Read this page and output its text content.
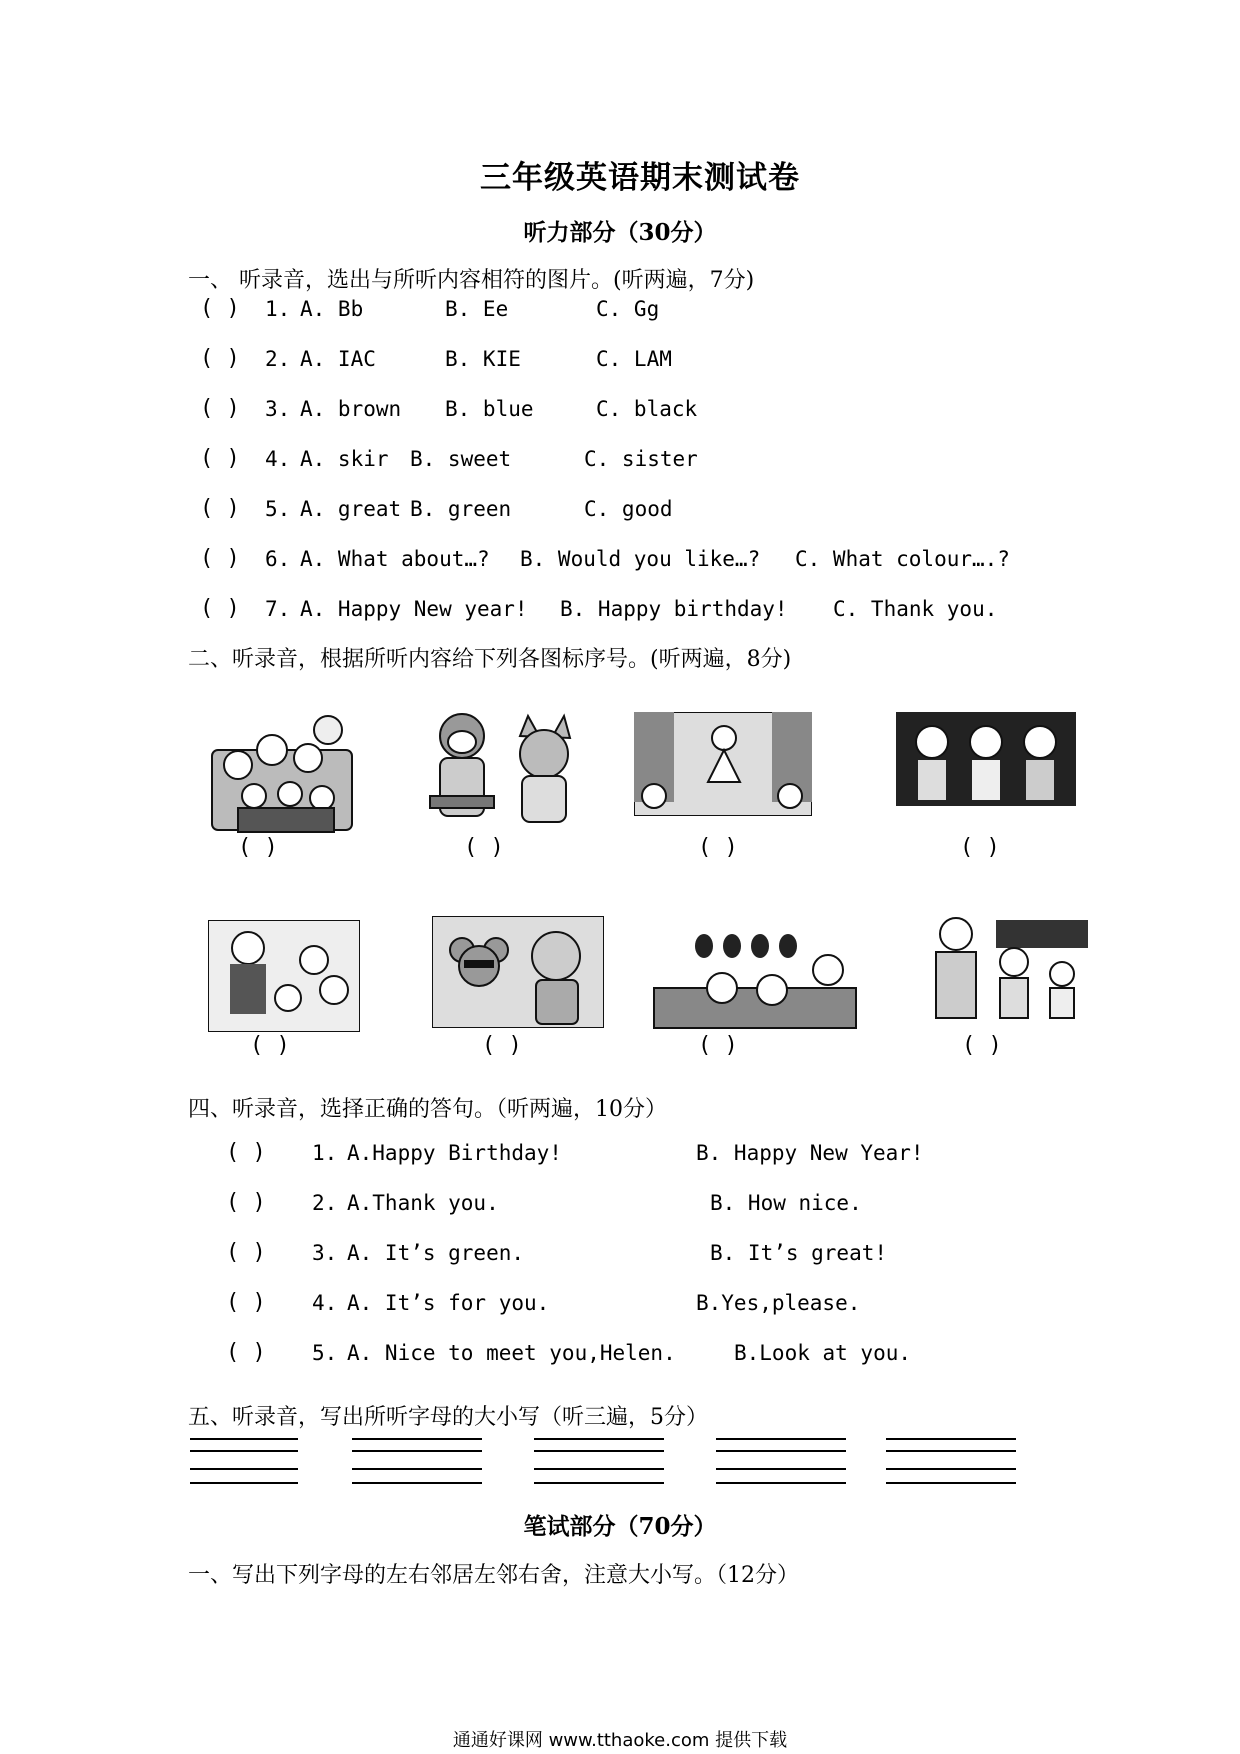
三年级英语期末测试卷
听力部分（30分）
一、 听录音，选出与所听内容相符的图片。(听两遍，7分)
( ) 1. A. Bb	B. Ee	C. Gg
( ) 2. A. IAC	B. KIE	C. LAM
( ) 3. A. brown B. blue	C. black
( ) 4. A. skir B. sweet	C. sister
( ) 5. A. great B. green	C. good
( ) 6. A. What about…? B. Would you like…? C. What colour….?
( ) 7. A. Happy New year! B. Happy birthday! C. Thank you.
二、听录音，根据所听内容给下列各图标序号。(听两遍，8分)
( )	( )	( )	( )
( )	( )	( )	( )
四、听录音，选择正确的答句。（听两遍，10分）
( ) 1. A.Happy Birthday!	B. Happy New Year!
( ) 2. A.Thank you.	B. How nice.
( ) 3. A. It’s green.	B. It’s great!
( ) 4. A. It’s for you.	B.Yes,please.
( ) 5. A. Nice to meet you,Helen.	B.Look at you.
五、听录音，写出所听字母的大小写（听三遍，5分）
笔试部分（70分）
一、写出下列字母的左右邻居左邻右舍，注意大小写。（12分）
通通好课网 www.tthaoke.com 提供下载
